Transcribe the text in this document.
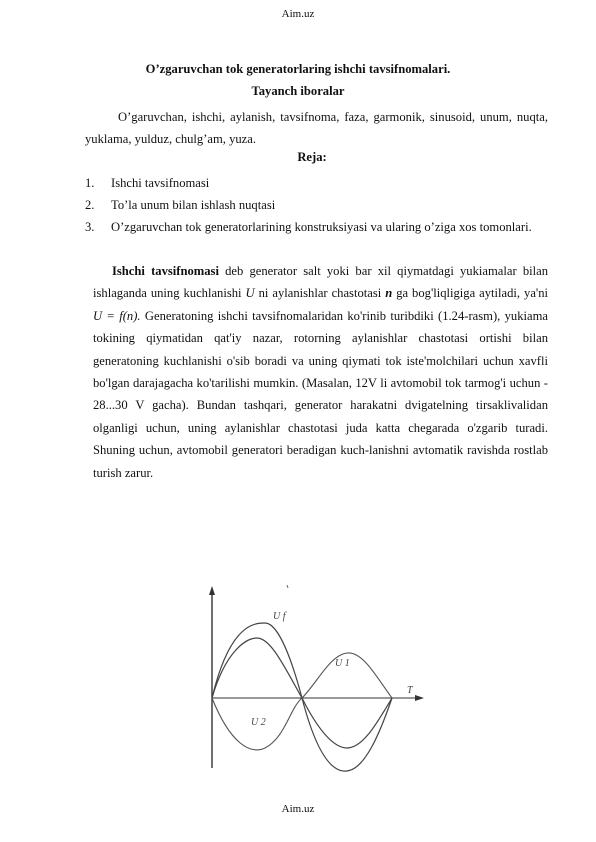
Aim.uz
O’zgaruvchan tok generatorlaring ishchi tavsifnomalari.
Tayanch iboralar
O’garuvchan, ishchi, aylanish, tavsifnoma, faza, garmonik, sinusoid, unum, nuqta, yuklama, yulduz, chulg’am, yuza.
Reja:
1. Ishchi tavsifnomasi
2. To’la unum bilan ishlash nuqtasi
3. O’zgaruvchan tok generatorlarining konstruksiyasi va ularing o’ziga xos tomonlari.
Ishchi tavsifnomasi deb generator salt yoki bar xil qiymatdagi yukiamalar bilan ishlaganda uning kuchlanishi U ni aylanishlar chastotasi n ga bog'liqligiga aytiladi, ya'ni U = f(n). Generatoning ishchi tavsifnomalaridan ko'rinib turibdiki (1.24-rasm), yukiama tokining qiymatidan qat'iy nazar, rotorning aylanishlar chastotasi ortishi bilan generatoning kuchlanishi o'sib boradi va uning qiymati tok iste'molchilari uchun xavfli bo'lgan darajagacha ko'tarilishi mumkin. (Masalan, 12V li avtomobil tok tarmog'i uchun - 28...30 V gacha). Bundan tashqari, generator harakatni dvigatelning tirsaklivalidan olganligi uchun, uning aylanishlar chastotasi juda katta chegarada o'zgarib turadi. Shuning uchun, avtomobil generatori beradigan kuch-lanishni avtomatik ravishda rostlab turish zarur.
U f
U 1
T
U 2
Aim.uz
